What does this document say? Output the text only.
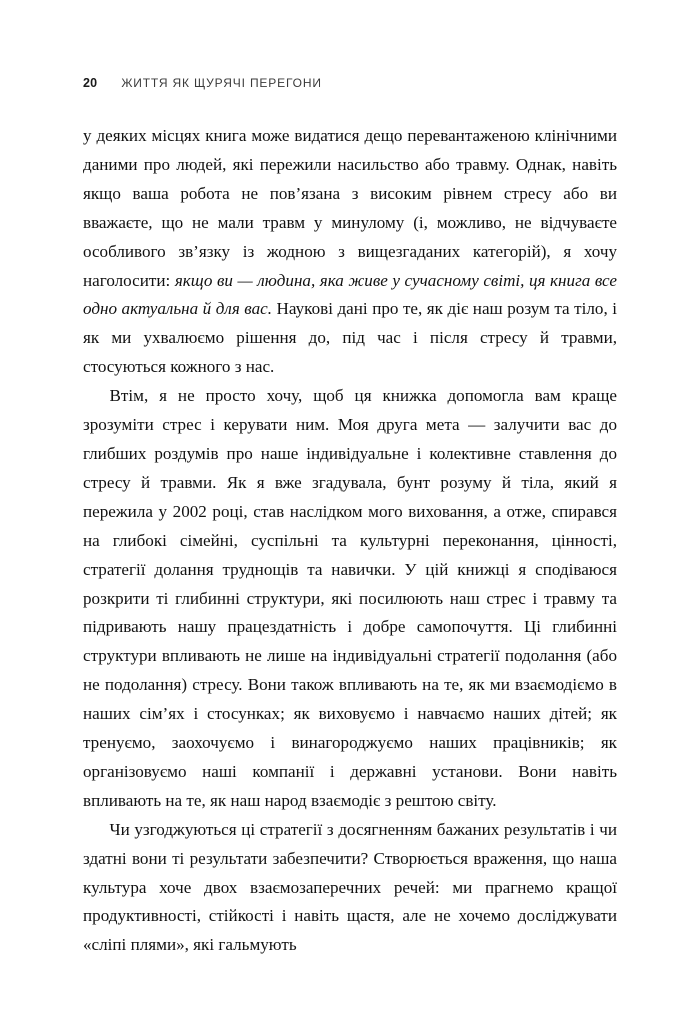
20 ЖИТТЯ ЯК ЩУРЯЧІ ПЕРЕГОНИ

у деяких місцях книга може видатися дещо перевантаженою клінічними даними про людей, які пережили насильство або травму. Однак, навіть якщо ваша робота не пов’язана з високим рівнем стресу або ви вважаєте, що не мали травм у минулому (і, можливо, не відчуваєте особливого зв’язку із жодною з вищезгаданих категорій), я хочу наголосити: якщо ви — людина, яка живе у сучасному світі, ця книга все одно актуальна й для вас. Наукові дані про те, як діє наш розум та тіло, і як ми ухвалюємо рішення до, під час і після стресу й травми, стосуються кожного з нас.

Втім, я не просто хочу, щоб ця книжка допомогла вам краще зрозуміти стрес і керувати ним. Моя друга мета — залучити вас до глибших роздумів про наше індивідуальне і колективне ставлення до стресу й травми. Як я вже згадувала, бунт розуму й тіла, який я пережила у 2002 році, став наслідком мого виховання, а отже, спирався на глибокі сімейні, суспільні та культурні переконання, цінності, стратегії долання труднощів та навички. У цій книжці я сподіваюся розкрити ті глибинні структури, які посилюють наш стрес і травму та підривають нашу працездатність і добре самопочуття. Ці глибинні структури впливають не лише на індивідуальні стратегії подолання (або не подолання) стресу. Вони також впливають на те, як ми взаємодіємо в наших сім’ях і стосунках; як виховуємо і навчаємо наших дітей; як тренуємо, заохочуємо і винагороджуємо наших працівників; як організовуємо наші компанії і державні установи. Вони навіть впливають на те, як наш народ взаємодіє з рештою світу.

Чи узгоджуються ці стратегії з досягненням бажаних результатів і чи здатні вони ті результати забезпечити? Створюється враження, що наша культура хоче двох взаємозаперечних речей: ми прагнемо кращої продуктивності, стійкості і навіть щастя, але не хочемо досліджувати «сліпі плями», які гальмують
